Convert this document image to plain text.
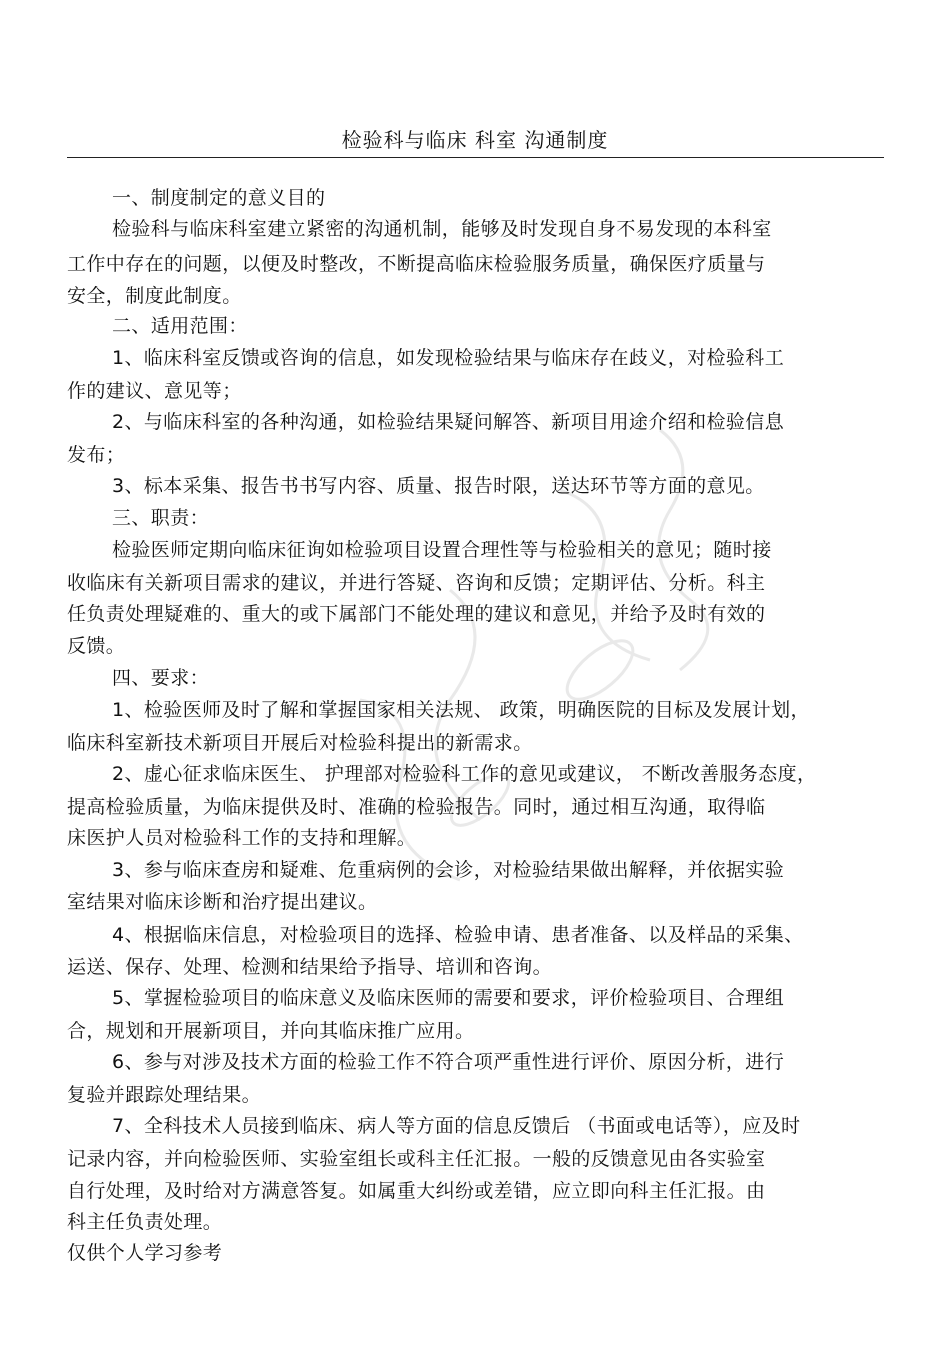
检验科与临床 科室 沟通制度
一、制度制定的意义目的
检验科与临床科室建立紧密的沟通机制，能够及时发现自身不易发现的本科室
工作中存在的问题，以便及时整改，不断提高临床检验服务质量，确保医疗质量与
安全，制度此制度。
二、适用范围：
1、临床科室反馈或咨询的信息，如发现检验结果与临床存在歧义，对检验科工
作的建议、意见等；
2、与临床科室的各种沟通，如检验结果疑问解答、新项目用途介绍和检验信息
发布；
3、标本采集、报告书书写内容、质量、报告时限，送达环节等方面的意见。
三、职责：
检验医师定期向临床征询如检验项目设置合理性等与检验相关的意见；随时接
收临床有关新项目需求的建议，并进行答疑、咨询和反馈；定期评估、分析。科主
任负责处理疑难的、重大的或下属部门不能处理的建议和意见，并给予及时有效的
反馈。
四、要求：
1、检验医师及时了解和掌握国家相关法规、 政策，明确医院的目标及发展计划，
临床科室新技术新项目开展后对检验科提出的新需求。
2、虚心征求临床医生、 护理部对检验科工作的意见或建议， 不断改善服务态度，
提高检验质量，为临床提供及时、准确的检验报告。同时，通过相互沟通，取得临
床医护人员对检验科工作的支持和理解。
3、参与临床查房和疑难、危重病例的会诊，对检验结果做出解释，并依据实验
室结果对临床诊断和治疗提出建议。
4、根据临床信息，对检验项目的选择、检验申请、患者准备、以及样品的采集、
运送、保存、处理、检测和结果给予指导、培训和咨询。
5、掌握检验项目的临床意义及临床医师的需要和要求，评价检验项目、合理组
合，规划和开展新项目，并向其临床推广应用。
6、参与对涉及技术方面的检验工作不符合项严重性进行评价、原因分析，进行
复验并跟踪处理结果。
7、全科技术人员接到临床、病人等方面的信息反馈后 （书面或电话等），应及时
记录内容，并向检验医师、实验室组长或科主任汇报。一般的反馈意见由各实验室
自行处理，及时给对方满意答复。如属重大纠纷或差错，应立即向科主任汇报。由
科主任负责处理。
仅供个人学习参考
